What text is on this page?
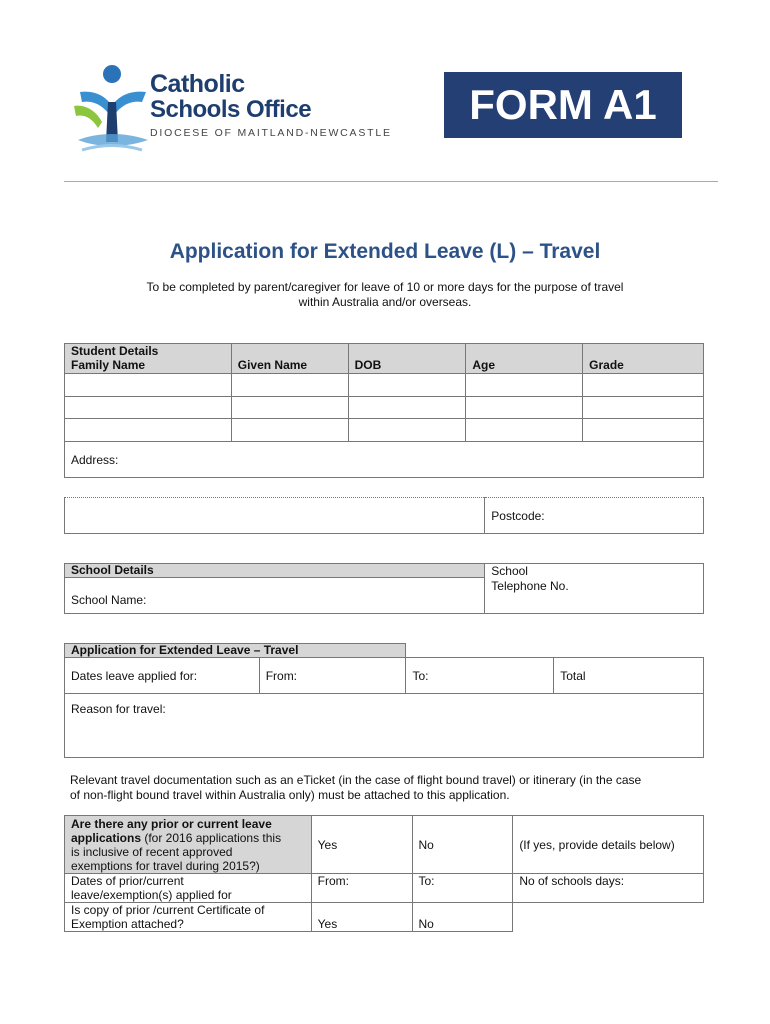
Catholic
Schools Office
DIOCESE OF MAITLAND-NEWCASTLE
FORM A1
Application for Extended Leave (L) – Travel
To be completed by parent/caregiver for leave of 10 or more days for the purpose of travel
within Australia and/or overseas.
Student Details
Family Name	Given Name	DOB	Age	Grade

Address:				
	Postcode:
School Details	
School Name:	School
Telephone No.
Application for Extended Leave – Travel			
Dates leave applied for:	From:	To:	Total
Reason for travel:			
Relevant travel documentation such as an eTicket (in the case of flight bound travel) or itinerary (in the case
of non-flight bound travel within Australia only) must be attached to this application.
Are there any prior or current leave
applications (for 2016 applications this
is inclusive of recent approved
exemptions for travel during 2015?)	Yes	No	(If yes, provide details below)

Dates of prior/current
leave/exemption(s) applied for	From:	To:	No of schools days:

Is copy of prior /current Certificate of
Exemption attached?	Yes	No	
